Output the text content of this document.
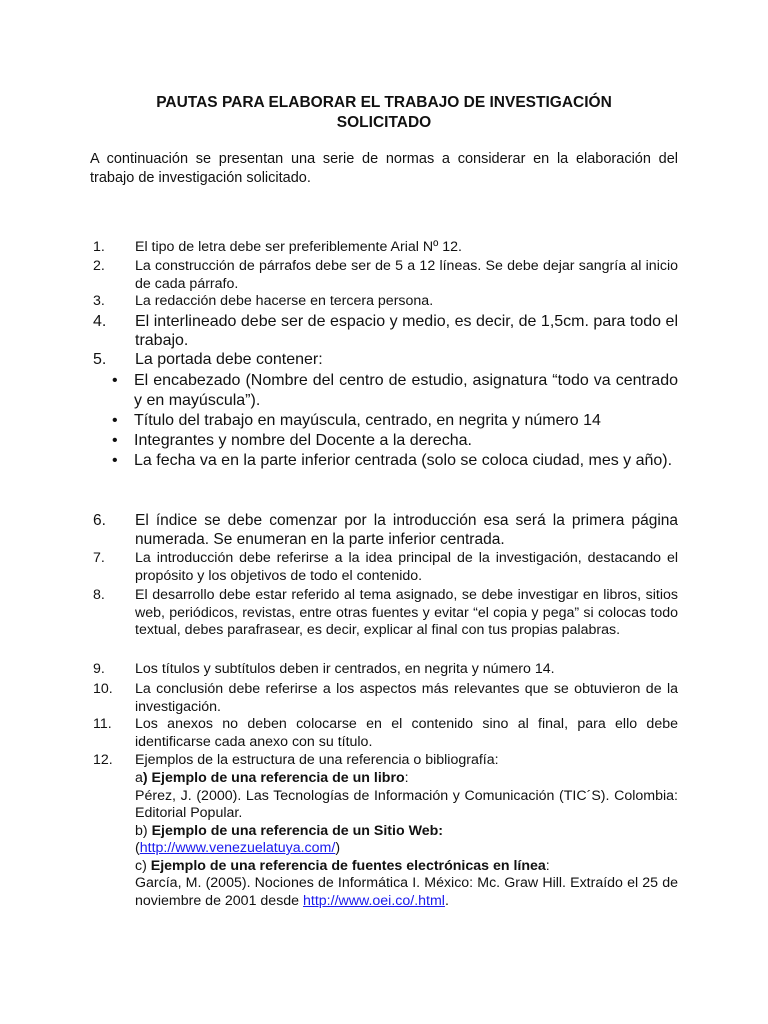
PAUTAS PARA ELABORAR EL TRABAJO DE INVESTIGACIÓN
SOLICITADO
A continuación se presentan una serie de normas a considerar en la elaboración del trabajo de investigación solicitado.
1. El tipo de letra debe ser preferiblemente Arial Nº 12.
2. La construcción de párrafos debe ser de 5 a 12 líneas. Se debe dejar sangría al inicio de cada párrafo.
3. La redacción debe hacerse en tercera persona.
4. El interlineado debe ser de espacio y medio, es decir, de 1,5cm. para todo el trabajo.
5. La portada debe contener:
• El encabezado (Nombre del centro de estudio, asignatura “todo va centrado y en mayúscula”).
• Título del trabajo en mayúscula, centrado, en negrita y número 14
• Integrantes y nombre del Docente a la derecha.
• La fecha va en la parte inferior centrada (solo se coloca ciudad, mes y año).
6. El índice se debe comenzar por la introducción esa será la primera página numerada. Se enumeran en la parte inferior centrada.
7. La introducción debe referirse a la idea principal de la investigación, destacando el propósito y los objetivos de todo el contenido.
8. El desarrollo debe estar referido al tema asignado, se debe investigar en libros, sitios web, periódicos, revistas, entre otras fuentes y evitar “el copia y pega” si colocas todo textual, debes parafrasear, es decir, explicar al final con tus propias palabras.
9. Los títulos y subtítulos deben ir centrados, en negrita y número 14.
10. La conclusión debe referirse a los aspectos más relevantes que se obtuvieron de la investigación.
11. Los anexos no deben colocarse en el contenido sino al final, para ello debe identificarse cada anexo con su título.
12. Ejemplos de la estructura de una referencia o bibliografía:
a) Ejemplo de una referencia de un libro:
Pérez, J. (2000). Las Tecnologías de Información y Comunicación (TIC´S). Colombia: Editorial Popular.
b) Ejemplo de una referencia de un Sitio Web:
(http://www.venezuelatuya.com/)
c) Ejemplo de una referencia de fuentes electrónicas en línea:
García, M. (2005). Nociones de Informática I. México: Mc. Graw Hill. Extraído el 25 de noviembre de 2001 desde http://www.oei.co/.html.
